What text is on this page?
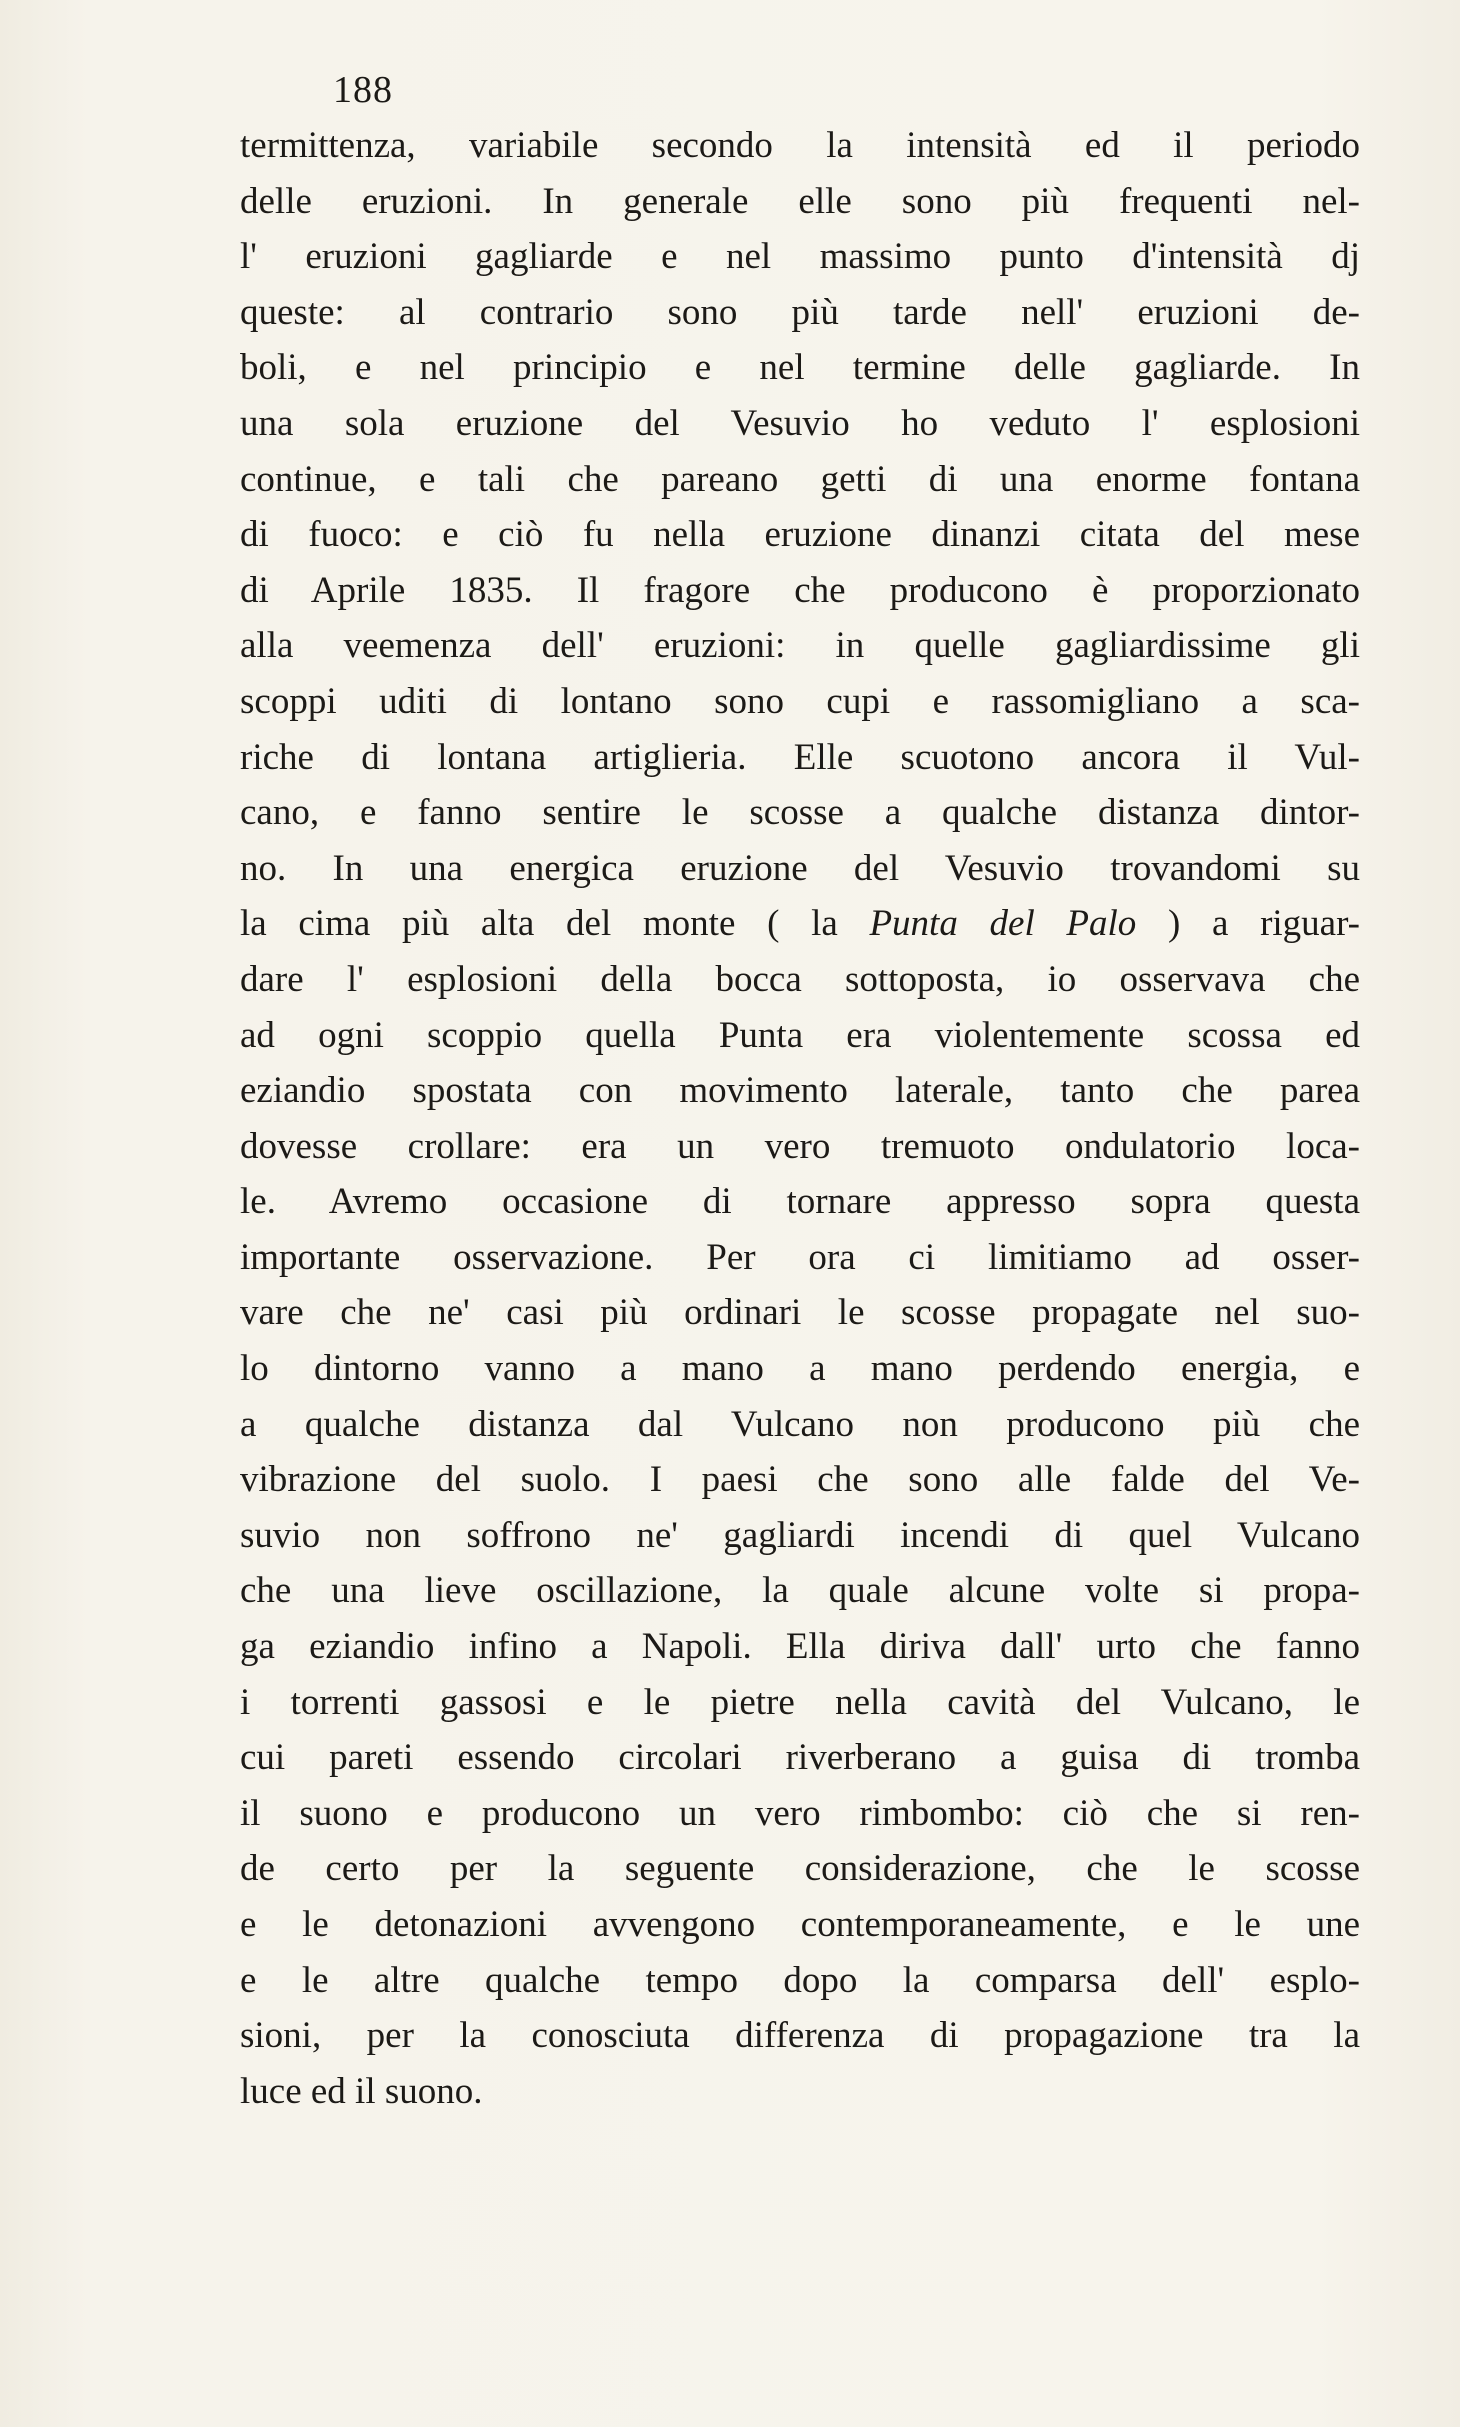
188
termittenza, variabile secondo la intensità ed il periodo
delle eruzioni. In generale elle sono più frequenti nel-
l' eruzioni gagliarde e nel massimo punto d'intensità dj
queste: al contrario sono più tarde nell' eruzioni de-
boli, e nel principio e nel termine delle gagliarde. In
una sola eruzione del Vesuvio ho veduto l' esplosioni
continue, e tali che pareano getti di una enorme fontana
di fuoco: e ciò fu nella eruzione dinanzi citata del mese
di Aprile 1835. Il fragore che producono è proporzionato
alla veemenza dell' eruzioni: in quelle gagliardissime gli
scoppi uditi di lontano sono cupi e rassomigliano a sca-
riche di lontana artiglieria. Elle scuotono ancora il Vul-
cano, e fanno sentire le scosse a qualche distanza dintor-
no. In una energica eruzione del Vesuvio trovandomi su
la cima più alta del monte ( la Punta del Palo ) a riguar-
dare l' esplosioni della bocca sottoposta, io osservava che
ad ogni scoppio quella Punta era violentemente scossa ed
eziandio spostata con movimento laterale, tanto che parea
dovesse crollare: era un vero tremuoto ondulatorio loca-
le. Avremo occasione di tornare appresso sopra questa
importante osservazione. Per ora ci limitiamo ad osser-
vare che ne' casi più ordinari le scosse propagate nel suo-
lo dintorno vanno a mano a mano perdendo energia, e
a qualche distanza dal Vulcano non producono più che
vibrazione del suolo. I paesi che sono alle falde del Ve-
suvio non soffrono ne' gagliardi incendi di quel Vulcano
che una lieve oscillazione, la quale alcune volte si propa-
ga eziandio infino a Napoli. Ella diriva dall' urto che fanno
i torrenti gassosi e le pietre nella cavità del Vulcano, le
cui pareti essendo circolari riverberano a guisa di tromba
il suono e producono un vero rimbombo: ciò che si ren-
de certo per la seguente considerazione, che le scosse
e le detonazioni avvengono contemporaneamente, e le une
e le altre qualche tempo dopo la comparsa dell' esplo-
sioni, per la conosciuta differenza di propagazione tra la
luce ed il suono.
